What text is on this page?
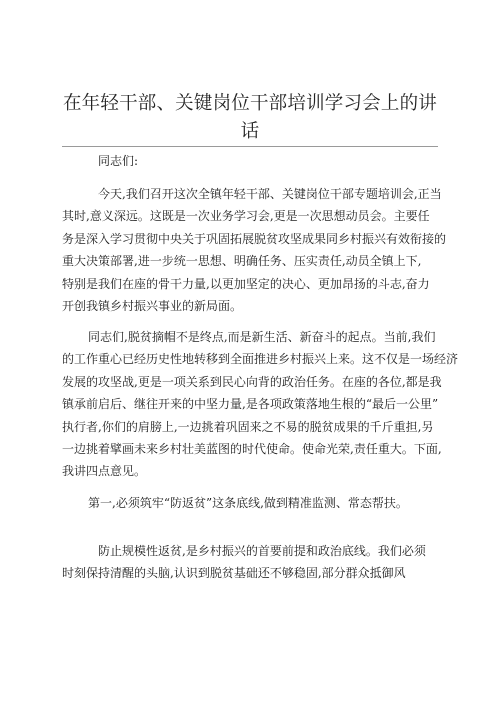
在年轻干部、关键岗位干部培训学习会上的讲
话

同志们:

今天,我们召开这次全镇年轻干部、关键岗位干部专题培训会,正当
其时,意义深远。这既是一次业务学习会,更是一次思想动员会。主要任
务是深入学习贯彻中央关于巩固拓展脱贫攻坚成果同乡村振兴有效衔接的
重大决策部署,进一步统一思想、明确任务、压实责任,动员全镇上下,
特别是我们在座的骨干力量,以更加坚定的决心、更加昂扬的斗志,奋力
开创我镇乡村振兴事业的新局面。

同志们,脱贫摘帽不是终点,而是新生活、新奋斗的起点。当前,我们
的工作重心已经历史性地转移到全面推进乡村振兴上来。这不仅是一场经济
发展的攻坚战,更是一项关系到民心向背的政治任务。在座的各位,都是我
镇承前启后、继往开来的中坚力量,是各项政策落地生根的“最后一公里”
执行者,你们的肩膀上,一边挑着巩固来之不易的脱贫成果的千斤重担,另
一边挑着擘画未来乡村壮美蓝图的时代使命。使命光荣,责任重大。下面,
我讲四点意见。

第一,必须筑牢“防返贫”这条底线,做到精准监测、常态帮扶。

防止规模性返贫,是乡村振兴的首要前提和政治底线。我们必须
时刻保持清醒的头脑,认识到脱贫基础还不够稳固,部分群众抵御风
